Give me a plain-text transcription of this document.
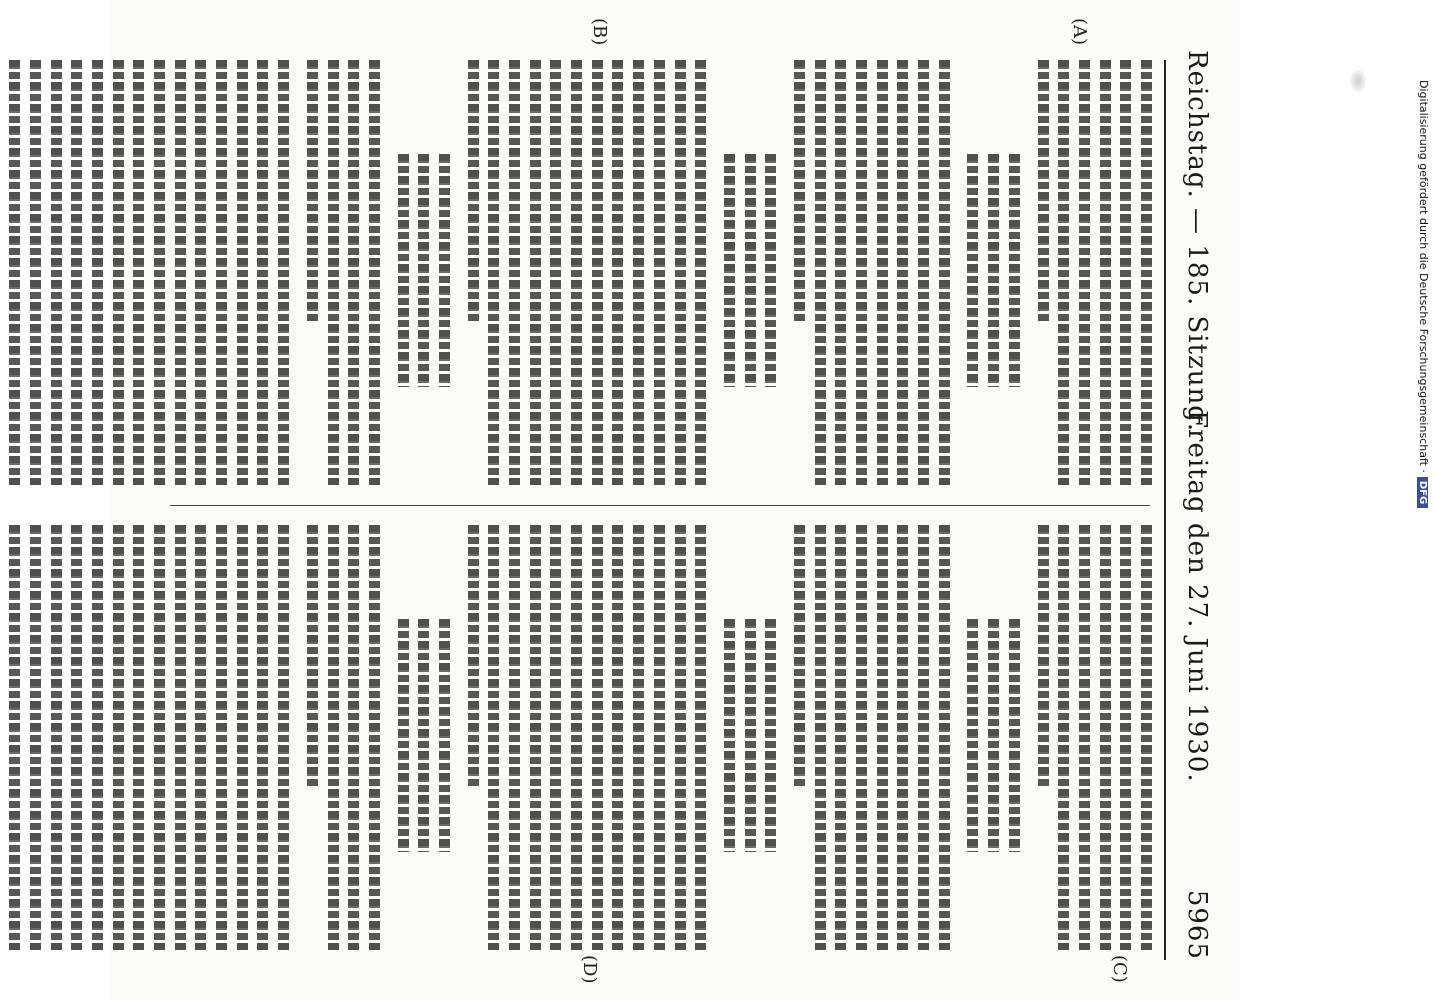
Reichstag. — 185. Sitzung.
Freitag den 27. Juni 1930.
5965
(A)
(B)
(C)
(D)
Digitalisierung gefördert durch die Deutsche Forschungsgemeinschaft ·DFG
